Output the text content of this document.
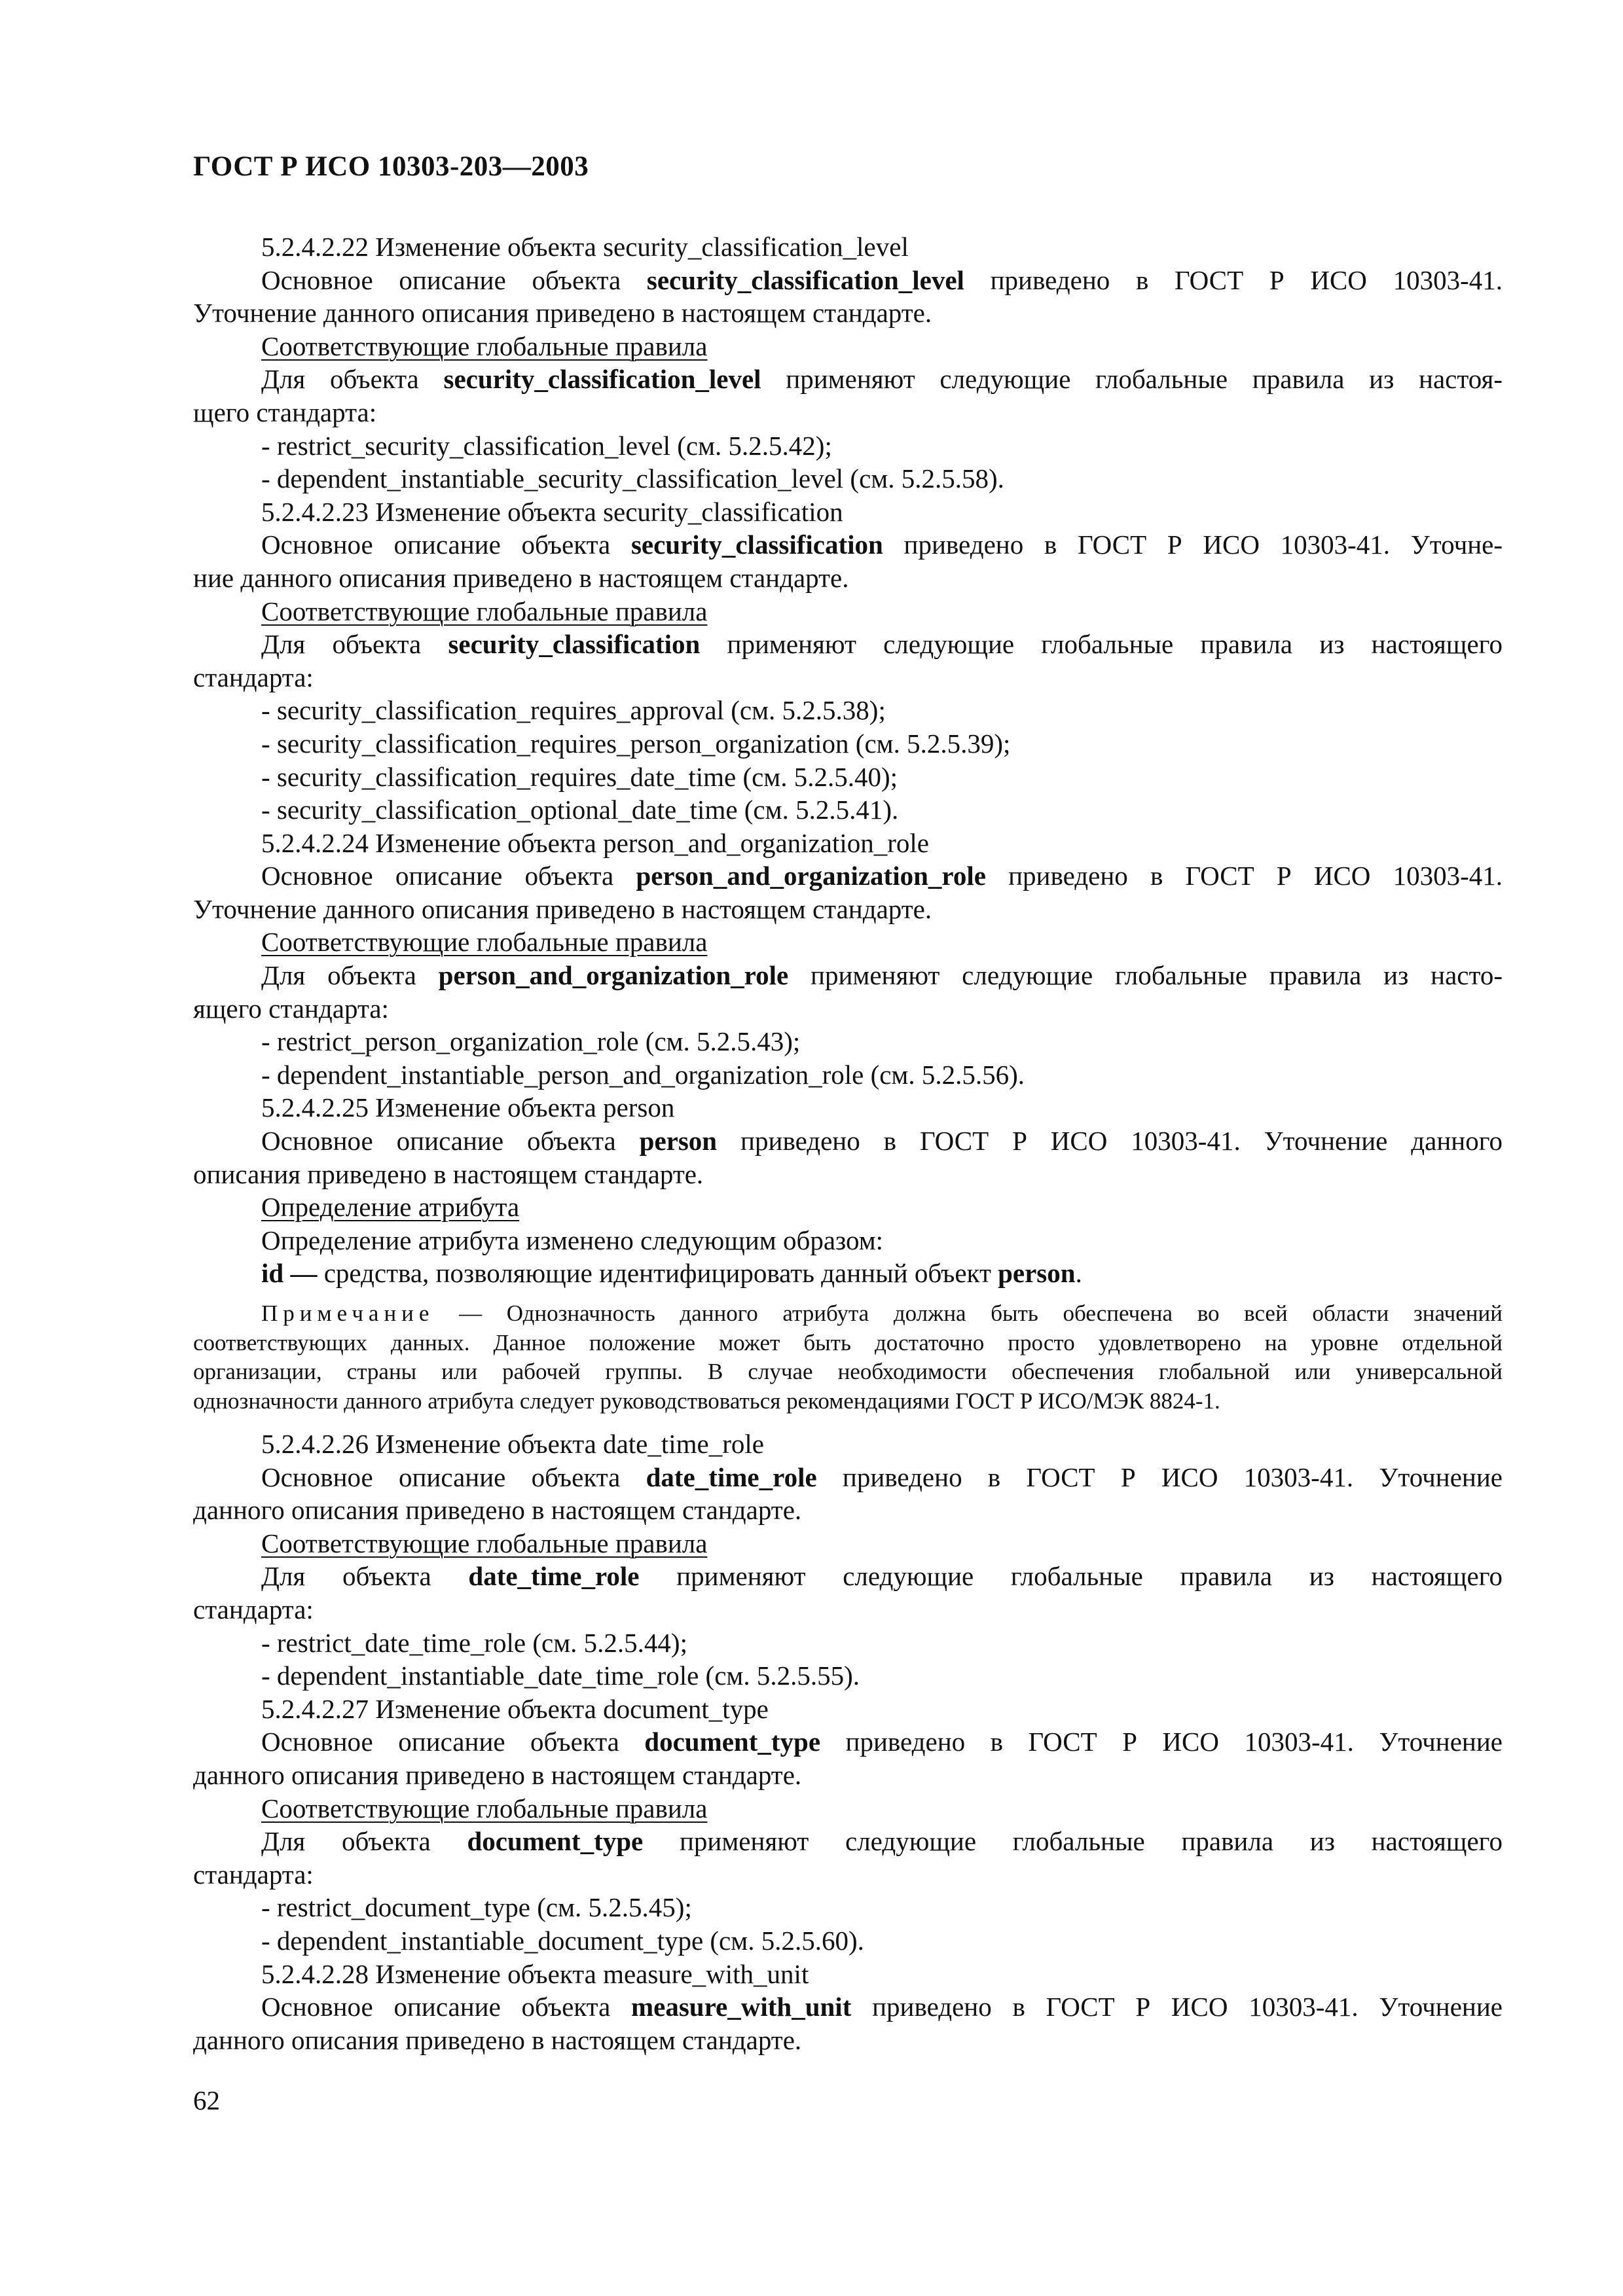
ГОСТ Р ИСО 10303-203—2003
5.2.4.2.22 Изменение объекта security_classification_level
Основное описание объекта security_classification_level приведено в ГОСТ Р ИСО 10303-41.
Уточнение данного описания приведено в настоящем стандарте.
Соответствующие глобальные правила
Для объекта security_classification_level применяют следующие глобальные правила из настоя-
щего стандарта:
- restrict_security_classification_level (см. 5.2.5.42);
- dependent_instantiable_security_classification_level (см. 5.2.5.58).
5.2.4.2.23 Изменение объекта security_classification
Основное описание объекта security_classification приведено в ГОСТ Р ИСО 10303-41. Уточне-
ние данного описания приведено в настоящем стандарте.
Соответствующие глобальные правила
Для объекта security_classification применяют следующие глобальные правила из настоящего
стандарта:
- security_classification_requires_approval (см. 5.2.5.38);
- security_classification_requires_person_organization (см. 5.2.5.39);
- security_classification_requires_date_time (см. 5.2.5.40);
- security_classification_optional_date_time (см. 5.2.5.41).
5.2.4.2.24 Изменение объекта person_and_organization_role
Основное описание объекта person_and_organization_role приведено в ГОСТ Р ИСО 10303-41.
Уточнение данного описания приведено в настоящем стандарте.
Соответствующие глобальные правила
Для объекта person_and_organization_role применяют следующие глобальные правила из насто-
ящего стандарта:
- restrict_person_organization_role (см. 5.2.5.43);
- dependent_instantiable_person_and_organization_role (см. 5.2.5.56).
5.2.4.2.25 Изменение объекта person
Основное описание объекта person приведено в ГОСТ Р ИСО 10303-41. Уточнение данного
описания приведено в настоящем стандарте.
Определение атрибута
Определение атрибута изменено следующим образом:
id — средства, позволяющие идентифицировать данный объект person.
Примечание — Однозначность данного атрибута должна быть обеспечена во всей области значений
соответствующих данных. Данное положение может быть достаточно просто удовлетворено на уровне отдельной
организации, страны или рабочей группы. В случае необходимости обеспечения глобальной или универсальной
однозначности данного атрибута следует руководствоваться рекомендациями ГОСТ Р ИСО/МЭК 8824-1.
5.2.4.2.26 Изменение объекта date_time_role
Основное описание объекта date_time_role приведено в ГОСТ Р ИСО 10303-41. Уточнение
данного описания приведено в настоящем стандарте.
Соответствующие глобальные правила
Для объекта date_time_role применяют следующие глобальные правила из настоящего
стандарта:
- restrict_date_time_role (см. 5.2.5.44);
- dependent_instantiable_date_time_role (см. 5.2.5.55).
5.2.4.2.27 Изменение объекта document_type
Основное описание объекта document_type приведено в ГОСТ Р ИСО 10303-41. Уточнение
данного описания приведено в настоящем стандарте.
Соответствующие глобальные правила
Для объекта document_type применяют следующие глобальные правила из настоящего
стандарта:
- restrict_document_type (см. 5.2.5.45);
- dependent_instantiable_document_type (см. 5.2.5.60).
5.2.4.2.28 Изменение объекта measure_with_unit
Основное описание объекта measure_with_unit приведено в ГОСТ Р ИСО 10303-41. Уточнение
данного описания приведено в настоящем стандарте.
62
